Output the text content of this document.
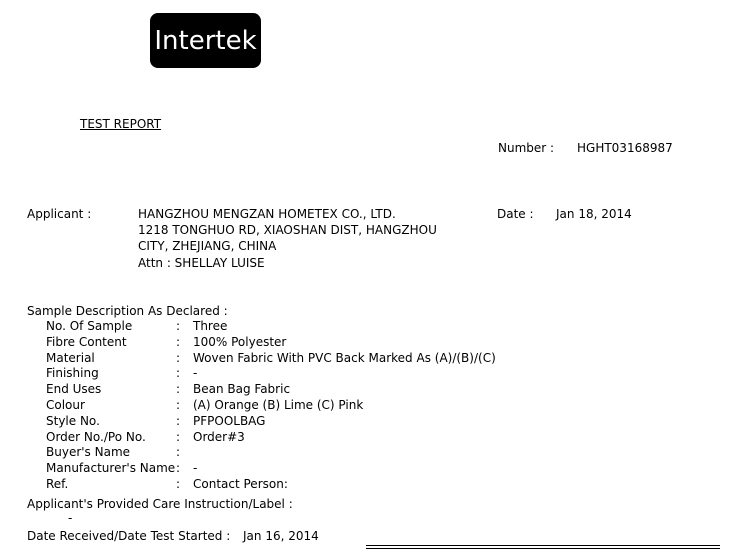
Intertek
TEST REPORT
Number : HGHT03168987
Applicant :	HANGZHOU MENGZAN HOMETEX CO., LTD.
1218 TONGHUO RD, XIAOSHAN DIST, HANGZHOU
CITY, ZHEJIANG, CHINA
Attn : SHELLAY LUISE
Date : Jan 18, 2014
Sample Description As Declared :
No. Of Sample	: Three
Fibre Content	: 100% Polyester
Material	: Woven Fabric With PVC Back Marked As (A)/(B)/(C)
Finishing	: -
End Uses	: Bean Bag Fabric
Colour	: (A) Orange (B) Lime (C) Pink
Style No.	: PFPOOLBAG
Order No./Po No.	: Order#3
Buyer's Name	:
Manufacturer's Name : -
Ref.	: Contact Person:
Applicant's Provided Care Instruction/Label :
-
Date Received/Date Test Started : Jan 16, 2014
